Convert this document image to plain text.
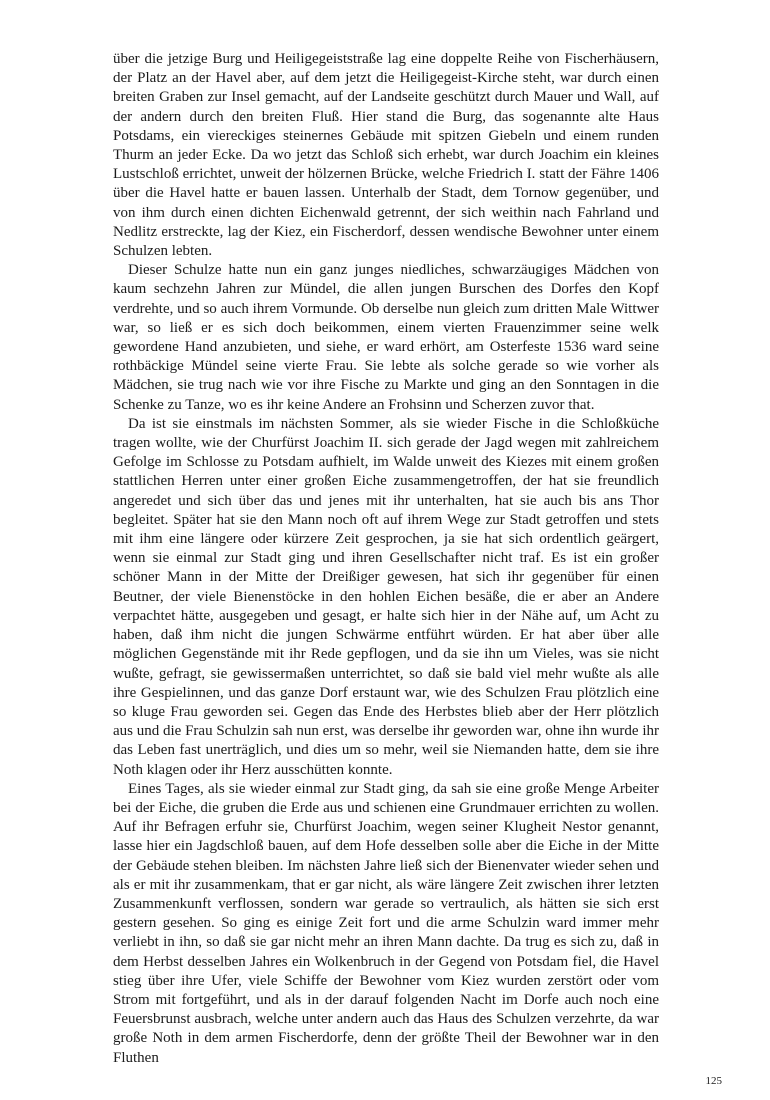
über die jetzige Burg und Heiligegeiststraße lag eine doppelte Reihe von Fischerhäusern, der Platz an der Havel aber, auf dem jetzt die Heiligegeist-Kirche steht, war durch einen breiten Graben zur Insel gemacht, auf der Landseite geschützt durch Mauer und Wall, auf der andern durch den breiten Fluß. Hier stand die Burg, das sogenannte alte Haus Potsdams, ein viereckiges steinernes Gebäude mit spitzen Giebeln und einem runden Thurm an jeder Ecke. Da wo jetzt das Schloß sich erhebt, war durch Joachim ein kleines Lustschloß errichtet, unweit der hölzernen Brücke, welche Friedrich I. statt der Fähre 1406 über die Havel hatte er bauen lassen. Unterhalb der Stadt, dem Tornow gegenüber, und von ihm durch einen dichten Eichenwald getrennt, der sich weithin nach Fahrland und Nedlitz erstreckte, lag der Kiez, ein Fischerdorf, dessen wendische Bewohner unter einem Schulzen lebten.

Dieser Schulze hatte nun ein ganz junges niedliches, schwarzäugiges Mädchen von kaum sechzehn Jahren zur Mündel, die allen jungen Burschen des Dorfes den Kopf verdrehte, und so auch ihrem Vormunde. Ob derselbe nun gleich zum dritten Male Wittwer war, so ließ er es sich doch beikommen, einem vierten Frauenzimmer seine welk gewordene Hand anzubieten, und siehe, er ward erhört, am Osterfeste 1536 ward seine rothbäckige Mündel seine vierte Frau. Sie lebte als solche gerade so wie vorher als Mädchen, sie trug nach wie vor ihre Fische zu Markte und ging an den Sonntagen in die Schenke zu Tanze, wo es ihr keine Andere an Frohsinn und Scherzen zuvor that.

Da ist sie einstmals im nächsten Sommer, als sie wieder Fische in die Schloßküche tragen wollte, wie der Churfürst Joachim II. sich gerade der Jagd wegen mit zahlreichem Gefolge im Schlosse zu Potsdam aufhielt, im Walde unweit des Kiezes mit einem großen stattlichen Herren unter einer großen Eiche zusammengetroffen, der hat sie freundlich angeredet und sich über das und jenes mit ihr unterhalten, hat sie auch bis ans Thor begleitet. Später hat sie den Mann noch oft auf ihrem Wege zur Stadt getroffen und stets mit ihm eine längere oder kürzere Zeit gesprochen, ja sie hat sich ordentlich geärgert, wenn sie einmal zur Stadt ging und ihren Gesellschafter nicht traf. Es ist ein großer schöner Mann in der Mitte der Dreißiger gewesen, hat sich ihr gegenüber für einen Beutner, der viele Bienenstöcke in den hohlen Eichen besäße, die er aber an Andere verpachtet hätte, ausgegeben und gesagt, er halte sich hier in der Nähe auf, um Acht zu haben, daß ihm nicht die jungen Schwärme entführt würden. Er hat aber über alle möglichen Gegenstände mit ihr Rede gepflogen, und da sie ihn um Vieles, was sie nicht wußte, gefragt, sie gewissermaßen unterrichtet, so daß sie bald viel mehr wußte als alle ihre Gespielinnen, und das ganze Dorf erstaunt war, wie des Schulzen Frau plötzlich eine so kluge Frau geworden sei. Gegen das Ende des Herbstes blieb aber der Herr plötzlich aus und die Frau Schulzin sah nun erst, was derselbe ihr geworden war, ohne ihn wurde ihr das Leben fast unerträglich, und dies um so mehr, weil sie Niemanden hatte, dem sie ihre Noth klagen oder ihr Herz ausschütten konnte.

Eines Tages, als sie wieder einmal zur Stadt ging, da sah sie eine große Menge Arbeiter bei der Eiche, die gruben die Erde aus und schienen eine Grundmauer errichten zu wollen. Auf ihr Befragen erfuhr sie, Churfürst Joachim, wegen seiner Klugheit Nestor genannt, lasse hier ein Jagdschloß bauen, auf dem Hofe desselben solle aber die Eiche in der Mitte der Gebäude stehen bleiben. Im nächsten Jahre ließ sich der Bienenvater wieder sehen und als er mit ihr zusammenkam, that er gar nicht, als wäre längere Zeit zwischen ihrer letzten Zusammenkunft verflossen, sondern war gerade so vertraulich, als hätten sie sich erst gestern gesehen. So ging es einige Zeit fort und die arme Schulzin ward immer mehr verliebt in ihn, so daß sie gar nicht mehr an ihren Mann dachte. Da trug es sich zu, daß in dem Herbst desselben Jahres ein Wolkenbruch in der Gegend von Potsdam fiel, die Havel stieg über ihre Ufer, viele Schiffe der Bewohner vom Kiez wurden zerstört oder vom Strom mit fortgeführt, und als in der darauf folgenden Nacht im Dorfe auch noch eine Feuersbrunst ausbrach, welche unter andern auch das Haus des Schulzen verzehrte, da war große Noth in dem armen Fischerdorfe, denn der größte Theil der Bewohner war in den Fluthen

125
